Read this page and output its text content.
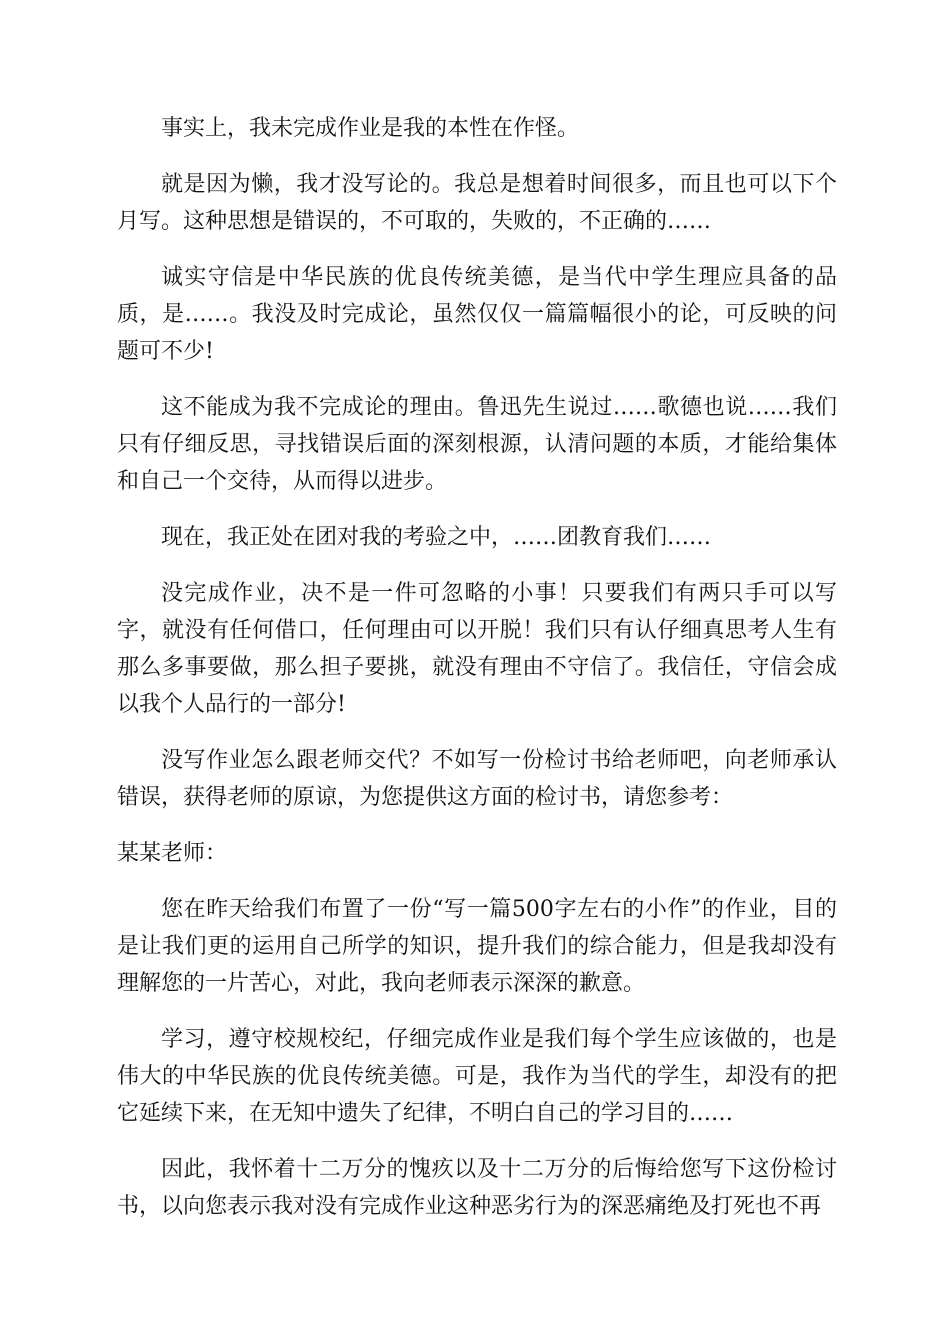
事实上，我未完成作业是我的本性在作怪。

就是因为懒，我才没写论的。我总是想着时间很多，而且也可以下个月写。这种思想是错误的，不可取的，失败的，不正确的……

诚实守信是中华民族的优良传统美德，是当代中学生理应具备的品质，是……。我没及时完成论，虽然仅仅一篇篇幅很小的论，可反映的问题可不少!

这不能成为我不完成论的理由。鲁迅先生说过……歌德也说……我们只有仔细反思，寻找错误后面的深刻根源，认清问题的本质，才能给集体和自己一个交待，从而得以进步。

现在，我正处在团对我的考验之中，……团教育我们……

没完成作业，决不是一件可忽略的小事！只要我们有两只手可以写字，就没有任何借口，任何理由可以开脱！我们只有认仔细真思考人生有那么多事要做，那么担子要挑，就没有理由不守信了。我信任，守信会成以我个人品行的一部分!

没写作业怎么跟老师交代？不如写一份检讨书给老师吧，向老师承认错误，获得老师的原谅，为您提供这方面的检讨书，请您参考：

某某老师：

您在昨天给我们布置了一份“写一篇500字左右的小作”的作业，目的是让我们更的运用自己所学的知识，提升我们的综合能力，但是我却没有理解您的一片苦心，对此，我向老师表示深深的歉意。

学习，遵守校规校纪，仔细完成作业是我们每个学生应该做的，也是伟大的中华民族的优良传统美德。可是，我作为当代的学生，却没有的把它延续下来，在无知中遗失了纪律，不明白自己的学习目的……

因此，我怀着十二万分的愧疚以及十二万分的后悔给您写下这份检讨书，以向您表示我对没有完成作业这种恶劣行为的深恶痛绝及打死也不再
